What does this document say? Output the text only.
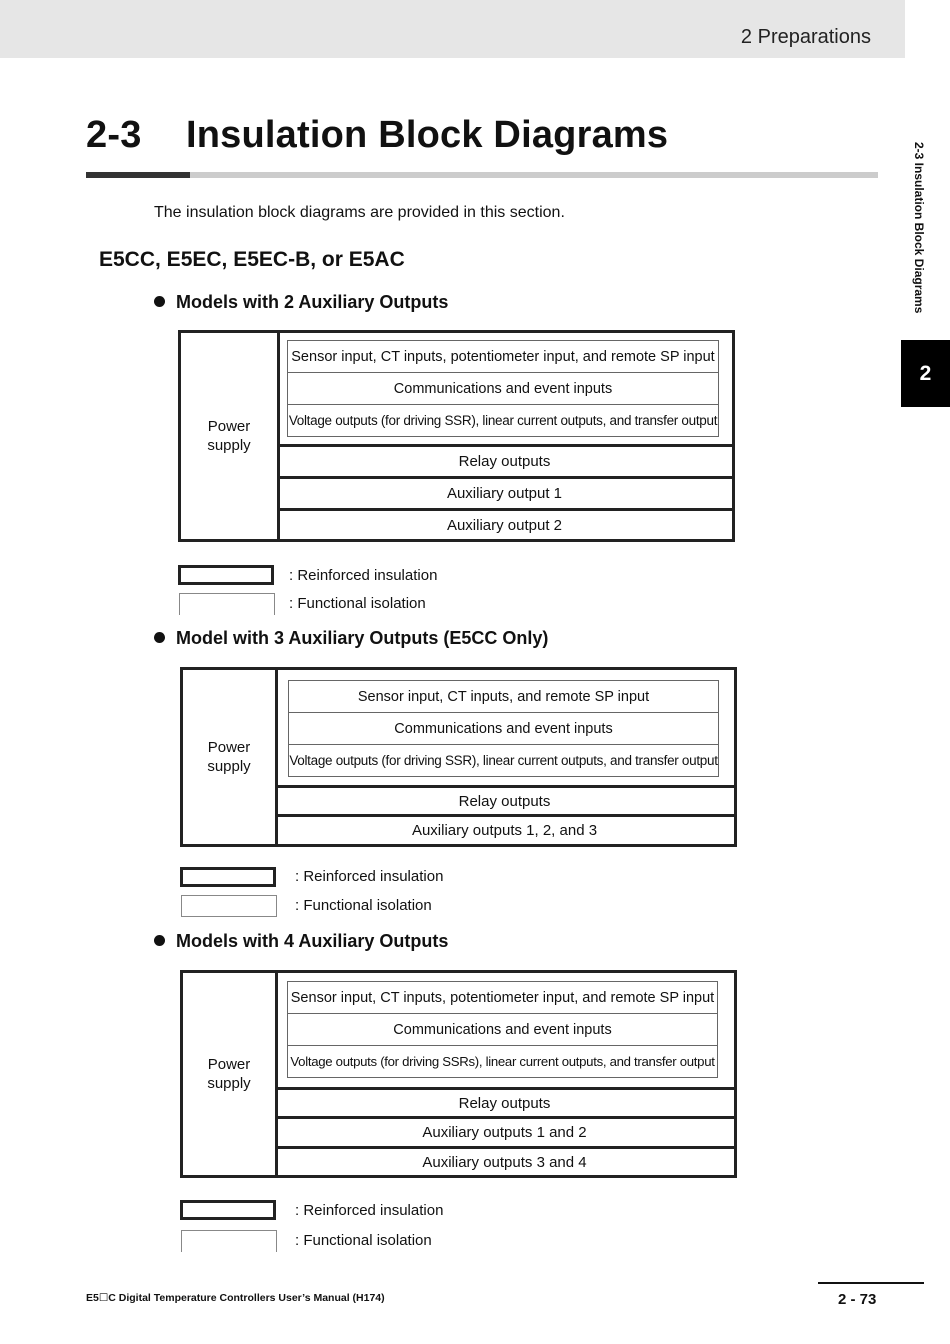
2 Preparations
2-3 Insulation Block Diagrams
2
2-3 Insulation Block Diagrams
The insulation block diagrams are provided in this section.
E5CC, E5EC, E5EC-B, or E5AC
Models with 2 Auxiliary Outputs
Power
supply
Sensor input, CT inputs, potentiometer input, and remote SP input
Communications and event inputs
Voltage outputs (for driving SSR), linear current outputs, and transfer output
Relay outputs
Auxiliary output 1
Auxiliary output 2
: Reinforced insulation
: Functional isolation
Model with 3 Auxiliary Outputs (E5CC Only)
Power
supply
Sensor input, CT inputs, and remote SP input
Communications and event inputs
Voltage outputs (for driving SSR), linear current outputs, and transfer output
Relay outputs
Auxiliary outputs 1, 2, and 3
: Reinforced insulation
: Functional isolation
Models with 4 Auxiliary Outputs
Power
supply
Sensor input, CT inputs, potentiometer input, and remote SP input
Communications and event inputs
Voltage outputs (for driving SSRs), linear current outputs, and transfer output
Relay outputs
Auxiliary outputs 1 and 2
Auxiliary outputs 3 and 4
: Reinforced insulation
: Functional isolation
E5☐C Digital Temperature Controllers User’s Manual (H174)	2 - 73
